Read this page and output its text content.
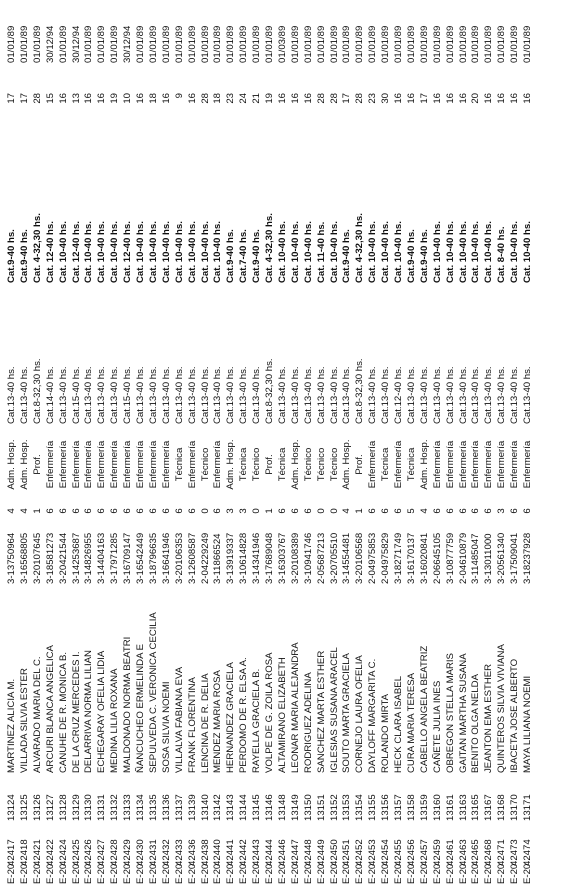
E-20
42417
13124
MARTINEZ ALICIA M.
3-13750964
4
Adm. Hosp.
Cat.13-40 hs.
Cat.9-40 hs.
17
01/01/89
E-20
42418
13125
VILLADA SILVIA ESTER
3-16568805
4
Adm. Hosp.
Cat.13-40 hs.
Cat.9-40 hs.
17
01/01/89
E-20
42421
13126
ALVARADO MARIA DEL C.
3-20107645
1
Prof.
Cat.8-32,30 hs.
Cat. 4-32,30 hs.
28
01/01/89
E-20
42422
13127
ARCURI BLANCA ANGELICA
3-18581273
6
Enfermería
Cat.14-40 hs.
Cat. 12-40 hs.
15
30/12/94
E-20
42424
13128
CANUHE DE R. MONICA B.
3-20421544
6
Enfermería
Cat.13-40 hs.
Cat. 10-40 hs.
16
01/01/89
E-20
42425
13129
DE LA CRUZ MERCEDES I.
3-14253687
6
Enfermería
Cat.15-40 hs.
Cat. 12-40 hs.
13
30/12/94
E-20
42426
13130
DELARRIVA NORMA LILIAN
3-14826955
6
Enfermería
Cat.13-40 hs.
Cat. 10-40 hs.
16
01/01/89
E-20
42427
13131
ECHEGARAY OFELIA LIDIA
3-14404163
6
Enfermería
Cat.13-40 hs.
Cat. 10-40 hs.
16
01/01/89
E-20
42428
13132
MEDINA LILIA ROXANA
3-17971285
6
Enfermería
Cat.13-40 hs.
Cat. 10-40 hs.
19
01/01/89
E-20
42429
13133
MALDONADO NORMA BEATRI
3-16709147
6
Enfermería
Cat.15-40 hs.
Cat. 12-40 hs.
10
30/12/94
E-20
42430
13134
ÑANCUCHEO ERMELINDA E
3-16542449
6
Enfermería
Cat.13-40 hs.
Cat. 10-40 hs.
16
01/01/89
E-20
42431
13135
SEPULVEDA C. VERONICA CECILIA
3-18796635
6
Enfermería
Cat.13-40 hs.
Cat. 10-40 hs.
18
01/01/89
E-20
42432
13136
SOSA SILVIA NOEMI
3-16641946
6
Enfermería
Cat.13-40 hs.
Cat. 10-40 hs.
16
01/01/89
E-20
42433
13137
VILLALVA FABIANA EVA
3-20106353
6
Técnica
Cat.13-40 hs.
Cat. 10-40 hs.
9
01/01/89
E-20
42436
13139
FRANK FLORENTINA
3-12608587
6
Enfermería
Cat.13-40 hs.
Cat. 10-40 hs.
16
01/01/89
E-20
42438
13140
LENCINA DE R. DELIA
2-04229249
0
Técnico
Cat.13-40 hs.
Cat. 10-40 hs.
28
01/01/89
E-20
42440
13142
MENDEZ MARIA ROSA
3-11866524
6
Enfermería
Cat.13-40 hs.
Cat. 10-40 hs.
18
01/01/89
E-20
42441
13143
HERNANDEZ GRACIELA
3-13919337
3
Adm. Hosp.
Cat.13-40 hs.
Cat.9-40 hs.
23
01/01/89
E-20
42442
13144
PERDOMO DE R. ELSA A.
3-10614828
3
Técnica
Cat.13-40 hs.
Cat.7-40 hs.
24
01/01/89
E-20
42443
13145
RAYELLA GRACIELA B.
3-14341946
0
Técnico
Cat.13-40 hs.
Cat.9-40 hs.
21
01/01/89
E-20
42444
13146
VOLPE DE G. ZOILA ROSA
3-17689048
1
Prof.
Cat.8-32,30 hs.
Cat. 4-32,30 hs.
19
01/01/89
E-20
42446
13148
ALTAMIRANO ELIZABETH
3-16303767
6
Técnica
Cat.13-40 hs.
Cat. 10-40 hs.
16
01/03/89
E-20
42447
13149
LEONAR MARIA ALEJANDRA
3-20108389
6
Adm. Hosp.
Cat.13-40 hs.
Cat. 10-40 hs.
16
01/01/89
E-20
42448
13150
RODRIGUEZ ADELINA
3-10941746
6
Técnico
Cat.13-40 hs.
Cat. 10-40 hs.
16
01/01/89
E-20
42449
13151
SANCHEZ MARTA ESTHER
2-05687213
0
Técnico
Cat.13-40 hs.
Cat. 11-40 hs.
28
01/01/89
E-20
42450
13152
IGLESIAS SUSANA ARACEL
3-20705510
0
Técnico
Cat.13-40 hs.
Cat. 10-40 hs.
28
01/01/89
E-20
42451
13153
SOUTO MARTA GRACIELA
3-14554481
4
Adm. Hosp.
Cat.13-40 hs.
Cat.9-40 hs.
17
01/01/89
E-20
42452
13154
CORNEJO LAURA OFELIA
3-20106568
1
Prof.
Cat.8-32,30 hs.
Cat. 4-32,30 hs.
28
01/01/89
E-20
42453
13155
DAYLOFF MARGARITA C.
2-04975853
6
Enfermería
Cat.13-40 hs.
Cat. 10-40 hs.
23
01/01/89
E-20
42454
13156
ROLANDO MIRTA
2-04975829
6
Técnica
Cat.13-40 hs.
Cat. 10-40 hs.
30
01/01/89
E-20
42455
13157
HECK CLARA ISABEL
3-18271749
6
Enfermería
Cat.12-40 hs.
Cat. 10-40 hs.
16
01/01/89
E-20
42456
13158
CURA MARIA TERESA
3-16170137
5
Técnica
Cat.13-40 hs.
Cat.9-40 hs.
16
01/01/89
E-20
42457
13159
CABELLO ANGELA BEATRIZ
3-16020841
4
Adm. Hosp.
Cat.13-40 hs.
Cat.9-40 hs.
17
01/01/89
E-20
42459
13160
CAÑETE JULIA INES
2-06645105
6
Enfermería
Cat.13-40 hs.
Cat. 10-40 hs.
16
01/01/89
E-20
42461
13161
OBREGON STELLA MARIS
3-10877759
6
Enfermería
Cat.13-40 hs.
Cat. 10-40 hs.
16
01/01/89
E-20
42463
13163
GAITAN MARTHA SUSANA
2-04610879
6
Enfermería
Cat.13-40 hs.
Cat. 10-40 hs.
16
01/01/89
E-20
42465
13165
BENITO OLGA NELDA
3-11485047
6
Enfermería
Cat.13-40 hs.
Cat. 10-40 hs.
20
01/01/89
E-20
42468
13167
JEANTON EMA ESTHER
3-13011000
6
Enfermería
Cat.13-40 hs.
Cat. 10-40 hs.
16
01/01/89
E-20
42471
13168
QUINTEROS SILVIA VIVIANA
3-20561340
3
Enfermería
Cat.13-40 hs.
Cat. 8-40 hs.
16
01/01/89
E-20
42473
13170
IBACETA JOSE ALBERTO
3-17509041
6
Enfermería
Cat.13-40 hs.
Cat. 10-40 hs.
16
01/01/89
E-20
42474
13171
MAYA LILIANA NOEMI
3-18237928
6
Enfermería
Cat.13-40 hs.
Cat. 10-40 hs.
16
01/01/89
